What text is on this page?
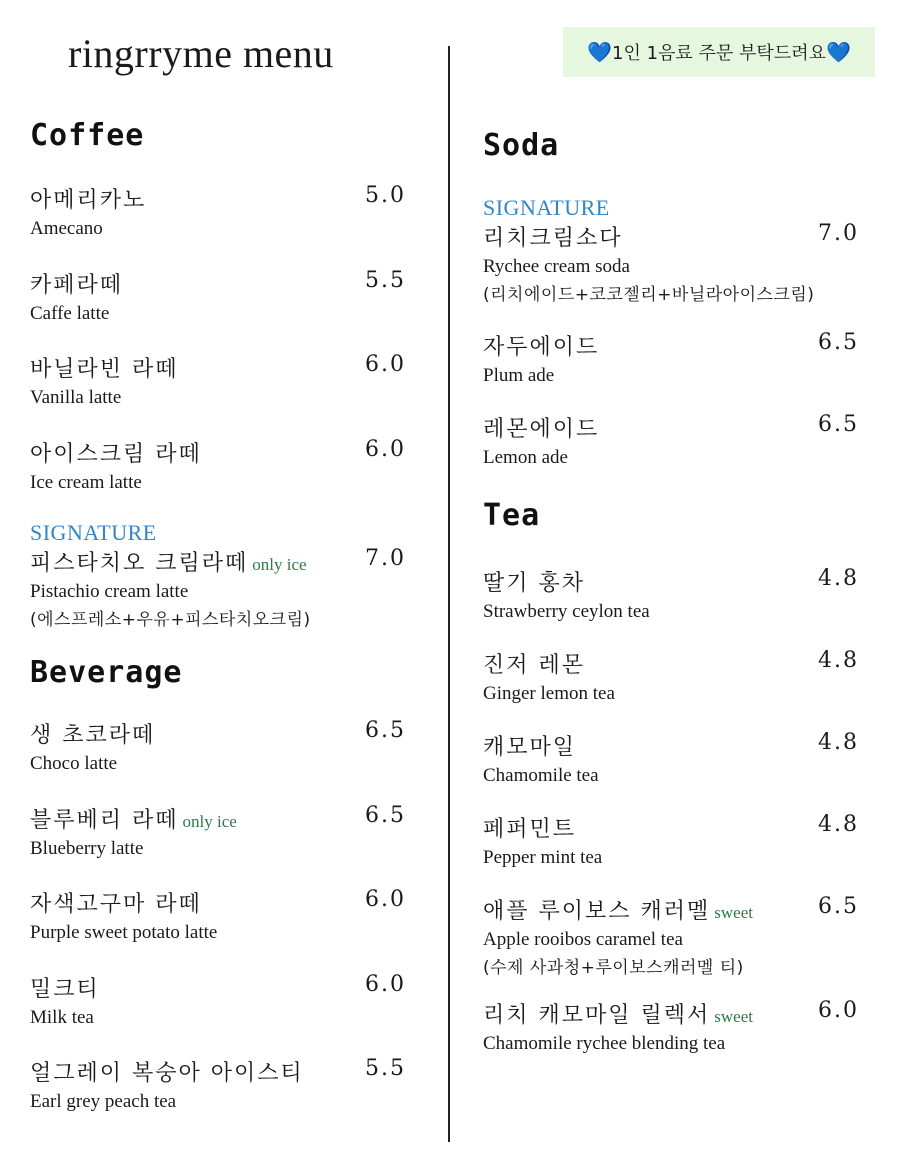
ringrryme menu	💙 1인 1음료 주문 부탁드려요 💙
Coffee
아메리카노
Amecano
5.0
카페라떼
Caffe latte
5.5
바닐라빈 라떼
Vanilla latte
6.0
아이스크림 라떼
Ice cream latte
6.0
SIGNATURE
피스타치오 크림라떼 only ice	7.0
Pistachio cream latte
(에스프레소+우유+피스타치오크림)
Beverage
생 초코라떼
Choco latte
6.5
블루베리 라떼 only ice
Blueberry latte
6.5
자색고구마 라떼
Purple sweet potato latte
6.0
밀크티
Milk tea
6.0
얼그레이 복숭아 아이스티
Earl grey peach tea
5.5
Soda
SIGNATURE
리치크림소다	7.0
Rychee cream soda
(리치에이드+코코젤리+바닐라아이스크림)
자두에이드
Plum ade
6.5
레몬에이드
Lemon ade
6.5
Tea
딸기 홍차
Strawberry ceylon tea
4.8
진저 레몬
Ginger lemon tea
4.8
캐모마일
Chamomile tea
4.8
페퍼민트
Pepper mint tea
4.8
애플 루이보스 캐러멜 sweet
Apple rooibos caramel tea
(수제 사과청+루이보스캐러멜 티)
6.5
리치 캐모마일 릴렉서 sweet
Chamomile rychee blending tea
6.0
